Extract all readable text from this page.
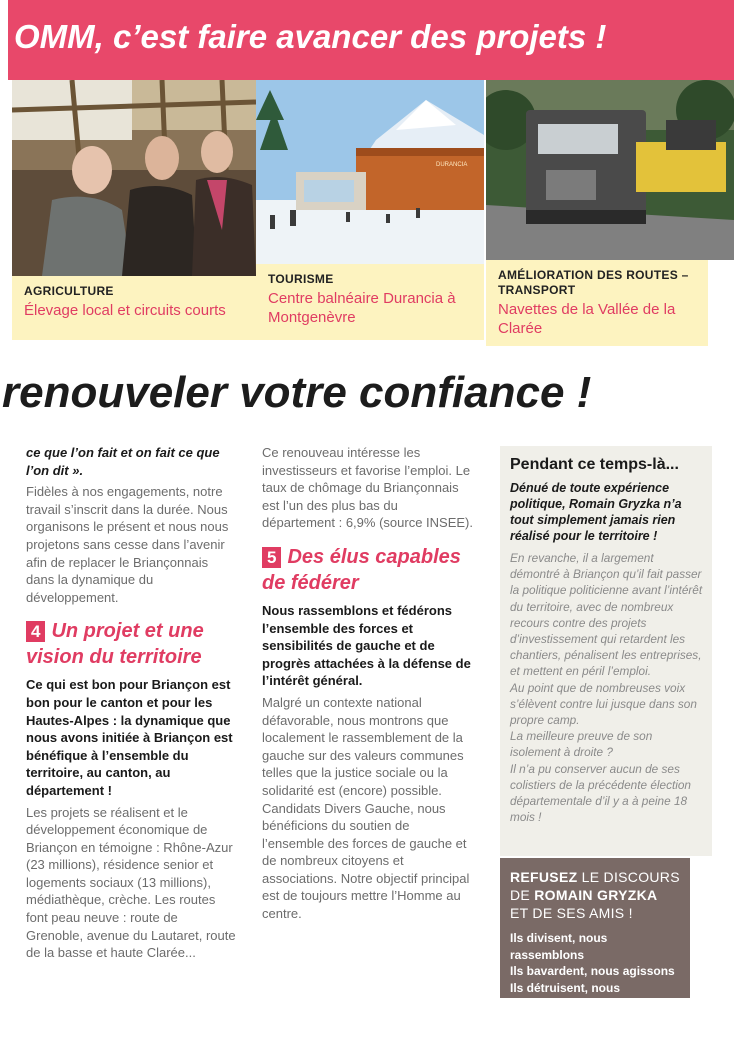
OMM, c’est faire avancer des projets !
AGRICULTURE
Élevage local et circuits courts
DURANCIA
TOURISME
Centre balnéaire Durancia à Montgenèvre
AMÉLIORATION DES ROUTES – TRANSPORT
Navettes de la Vallée de la Clarée
renouveler votre confiance !

ce que l’on fait et on fait ce que l’on dit ».

Fidèles à nos engagements, notre travail s’inscrit dans la durée. Nous organisons le présent et nous nous projetons sans cesse dans l’avenir afin de replacer le Briançonnais dans la dynamique du développement.

4 Un projet et une vision du territoire

Ce qui est bon pour Briançon est bon pour le canton et pour les Hautes-Alpes : la dynamique que nous avons initiée à Briançon est bénéfique à l’ensemble du territoire, au canton, au département !

Les projets se réalisent et le développement économique de Briançon en témoigne : Rhône-Azur (23 millions), résidence senior et logements sociaux (13 millions), médiathèque, crèche. Les routes font peau neuve : route de Grenoble, avenue du Lautaret, route de la basse et haute Clarée...

Ce renouveau intéresse les investisseurs et favorise l’emploi. Le taux de chômage du Briançonnais est l’un des plus bas du département : 6,9% (source INSEE).

5 Des élus capables de fédérer

Nous rassemblons et fédérons l’ensemble des forces et sensibilités de gauche et de progrès attachées à la défense de l’intérêt général.

Malgré un contexte national défavorable, nous montrons que localement le rassemblement de la gauche sur des valeurs communes telles que la justice sociale ou la solidarité est (encore) possible. Candidats Divers Gauche, nous bénéficions du soutien de l’ensemble des forces de gauche et de nombreux citoyens et associations. Notre objectif principal est de toujours mettre l’Homme au centre.

Pendant ce temps-là...

Dénué de toute expérience politique, Romain Gryzka n’a tout simplement jamais rien réalisé pour le territoire !

En revanche, il a largement démontré à Briançon qu’il fait passer la politique politicienne avant l’intérêt du territoire, avec de nombreux recours contre des projets d’investissement qui retardent les chantiers, pénalisent les entreprises, et mettent en péril l’emploi.

Au point que de nombreuses voix s’élèvent contre lui jusque dans son propre camp.

La meilleure preuve de son isolement à droite ?

Il n’a pu conserver aucun de ses colistiers de la précédente élection départementale d’il y a à peine 18 mois !

REFUSEZ LE DISCOURS
DE ROMAIN GRYZKA
ET DE SES AMIS !
Ils divisent, nous rassemblons
Ils bavardent, nous agissons
Ils détruisent, nous construisons
Ils paralysent, nous impulsons
